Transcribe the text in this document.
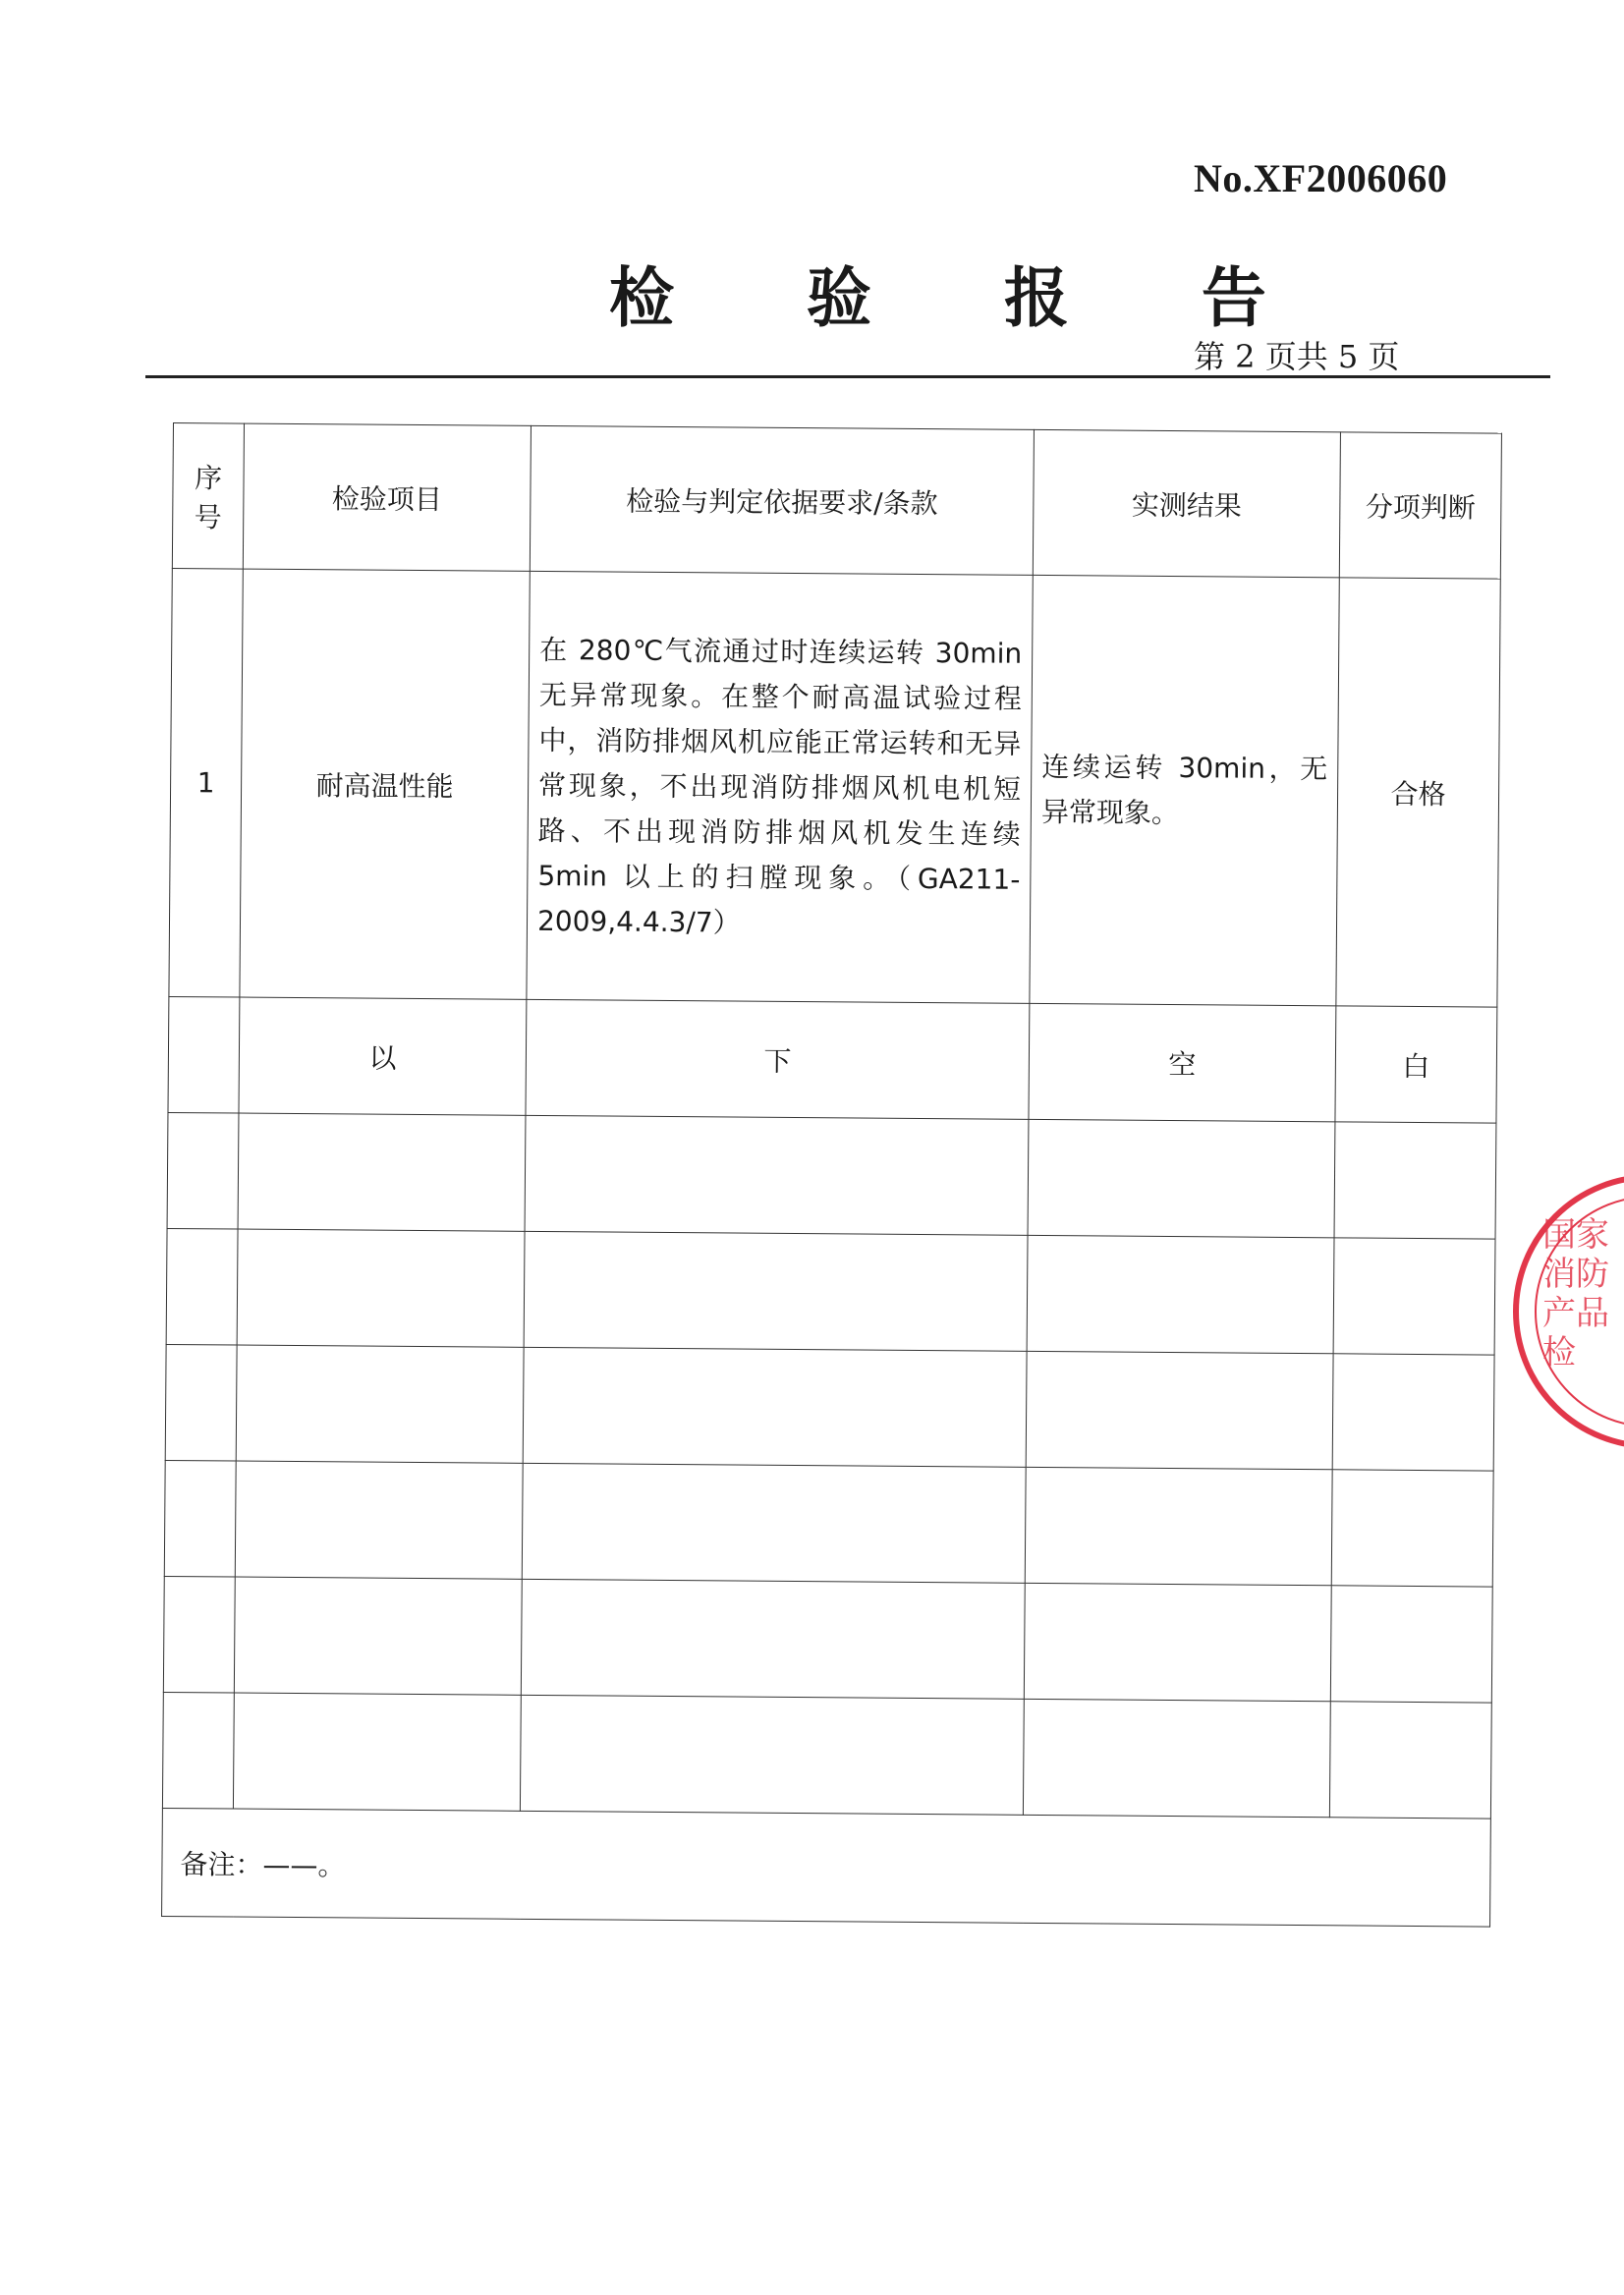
No.XF2006060
检 验 报 告
第 2 页共 5 页
序号	检验项目	检验与判定依据要求/条款	实测结果	分项判断
1	耐高温性能	在 280℃气流通过时连续运转 30min 无异常现象。在整个耐高温试验过程中，消防排烟风机应能正常运转和无异常现象，不出现消防排烟风机电机短路、不出现消防排烟风机发生连续 5min 以上的扫膛现象。（GA211-2009,4.4.3/7）	连续运转 30min，无异常现象。	合格
	以	下	空	白

备注：——。				
国家消防产品检
